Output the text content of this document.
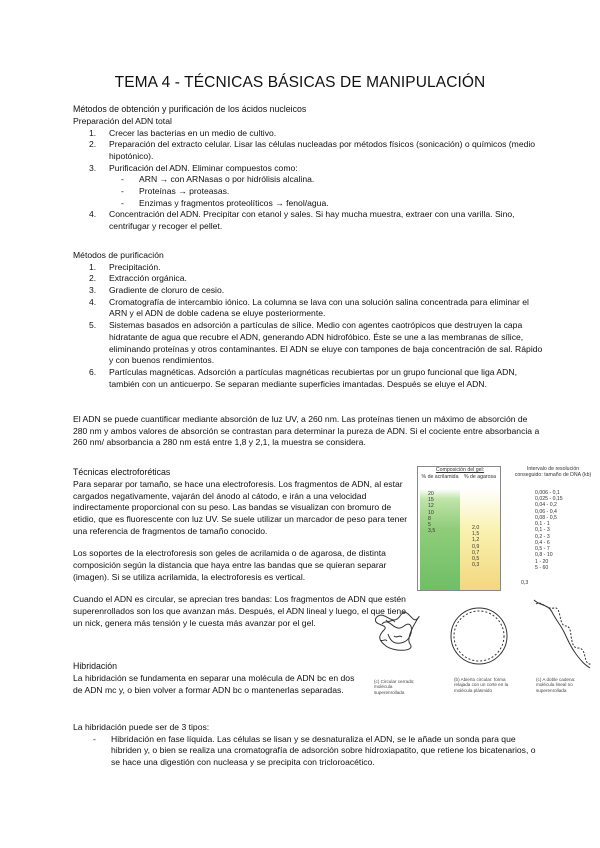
TEMA 4 - TÉCNICAS BÁSICAS DE MANIPULACIÓN
Métodos de obtención y purificación de los ácidos nucleicos
Preparación del ADN total
1. Crecer las bacterias en un medio de cultivo.
2. Preparación del extracto celular. Lisar las células nucleadas por métodos físicos (sonicación) o químicos (medio hipotónico).
3. Purificación del ADN. Eliminar compuestos como:
- ARN → con ARNasas o por hidrólisis alcalina.
- Proteínas → proteasas.
- Enzimas y fragmentos proteolíticos → fenol/agua.
4. Concentración del ADN. Precipitar con etanol y sales. Si hay mucha muestra, extraer con una varilla. Sino, centrifugar y recoger el pellet.
Métodos de purificación
1. Precipitación.
2. Extracción orgánica.
3. Gradiente de cloruro de cesio.
4. Cromatografía de intercambio iónico. La columna se lava con una solución salina concentrada para eliminar el ARN y el ADN de doble cadena se eluye posteriormente.
5. Sistemas basados en adsorción a partículas de sílice. Medio con agentes caotrópicos que destruyen la capa hidratante de agua que recubre el ADN, generando ADN hidrofóbico. Éste se une a las membranas de sílice, eliminando proteínas y otros contaminantes. El ADN se eluye con tampones de baja concentración de sal. Rápido y con buenos rendimientos.
6. Partículas magnéticas. Adsorción a partículas magnéticas recubiertas por un grupo funcional que liga ADN, también con un anticuerpo. Se separan mediante superficies imantadas. Después se eluye el ADN.

El ADN se puede cuantificar mediante absorción de luz UV, a 260 nm. Las proteínas tienen un máximo de absorción de 280 nm y ambos valores de absorción se contrastan para determinar la pureza de ADN. Si el cociente entre absorbancia a 260 nm/ absorbancia a 280 nm está entre 1,8 y 2,1, la muestra se considera.

Técnicas electroforéticas

Para separar por tamaño, se hace una electroforesis. Los fragmentos de ADN, al estar cargados negativamente, vajarán del ánodo al cátodo, e irán a una velocidad indirectamente proporcional con su peso. Las bandas se visualizan con bromuro de etidio, que es fluorescente con luz UV. Se suele utilizar un marcador de peso para tener una referencia de fragmentos de tamaño conocido.

Los soportes de la electroforesis son geles de acrilamida o de agarosa, de distinta composición según la distancia que haya entre las bandas que se quieran separar (imagen). Si se utiliza acrilamida, la electroforesis es vertical.

Cuando el ADN es circular, se aprecian tres bandas: Los fragmentos de ADN que estén superenrollados son los que avanzan más. Después, el ADN lineal y luego, el que tiene un nick, genera más tensión y le cuesta más avanzar por el gel.

Composición del gel:
% de acrilamida	% de agarosa
20
15
12
10
8
5
3,5
2,0
1,5
1,2
0,9
0,7
0,5
0,3
Intervalo de resolución conseguido: tamaño de DNA (kb)
0,006 - 0,1
0,025 - 0,15
0,04 - 0,2
0,06 - 0,4
0,08 - 0,5
0,1 - 1
0,1 - 3
0,2 - 3
0,4 - 6
0,5 - 7
0,8 - 10
1 - 20
5 - 60
0,3
(c) Circular cerrado: molécula superenrollada
(b) Abierto circular: forma relajada con un corte en la molécula plásmido
(c) A doble cadena: molécula lineal no superenrollada
Hibridación

La hibridación se fundamenta en separar una molécula de ADN bc en dos de ADN mc y, o bien volver a formar ADN bc o mantenerlas separadas.

La hibridación puede ser de 3 tipos:

- Hibridación en fase líquida. Las células se lisan y se desnaturaliza el ADN, se le añade un sonda para que hibriden y, o bien se realiza una cromatografía de adsorción sobre hidroxiapatito, que retiene los bicatenarios, o se hace una digestión con nucleasa y se precipita con tricloroacético.
